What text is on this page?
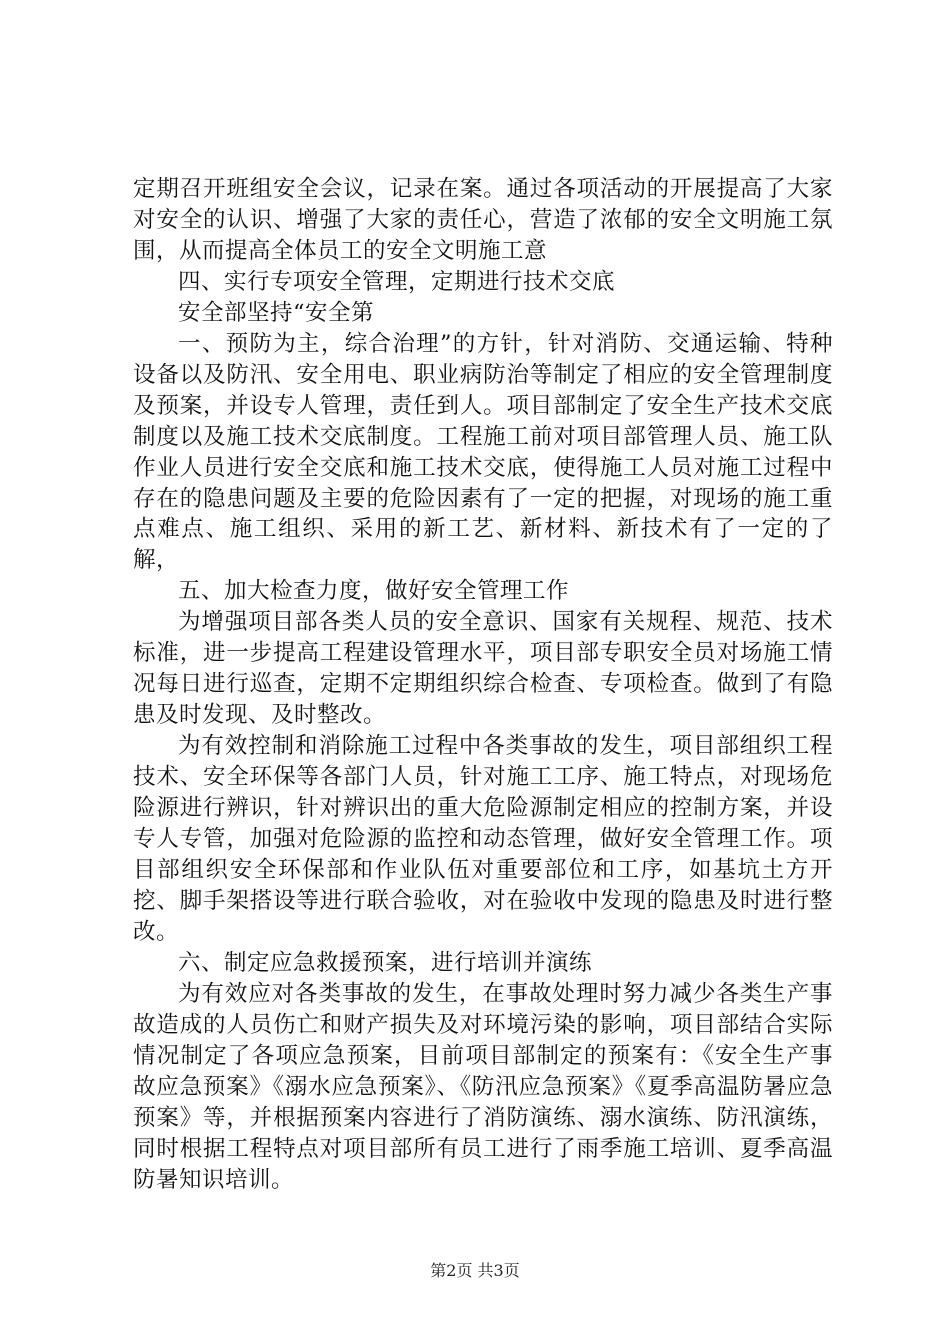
定期召开班组安全会议，记录在案。通过各项活动的开展提高了大家对安全的认识、增强了大家的责任心，营造了浓郁的安全文明施工氛围，从而提高全体员工的安全文明施工意

四、实行专项安全管理，定期进行技术交底

安全部坚持“安全第

一、预防为主，综合治理”的方针，针对消防、交通运输、特种设备以及防汛、安全用电、职业病防治等制定了相应的安全管理制度及预案，并设专人管理，责任到人。项目部制定了安全生产技术交底制度以及施工技术交底制度。工程施工前对项目部管理人员、施工队作业人员进行安全交底和施工技术交底，使得施工人员对施工过程中存在的隐患问题及主要的危险因素有了一定的把握，对现场的施工重点难点、施工组织、采用的新工艺、新材料、新技术有了一定的了解，

五、加大检查力度，做好安全管理工作

为增强项目部各类人员的安全意识、国家有关规程、规范、技术标准，进一步提高工程建设管理水平，项目部专职安全员对场施工情况每日进行巡查，定期不定期组织综合检查、专项检查。做到了有隐患及时发现、及时整改。

为有效控制和消除施工过程中各类事故的发生，项目部组织工程技术、安全环保等各部门人员，针对施工工序、施工特点，对现场危险源进行辨识，针对辨识出的重大危险源制定相应的控制方案，并设专人专管，加强对危险源的监控和动态管理，做好安全管理工作。项目部组织安全环保部和作业队伍对重要部位和工序，如基坑土方开挖、脚手架搭设等进行联合验收，对在验收中发现的隐患及时进行整改。

六、制定应急救援预案，进行培训并演练

为有效应对各类事故的发生，在事故处理时努力减少各类生产事故造成的人员伤亡和财产损失及对环境污染的影响，项目部结合实际情况制定了各项应急预案，目前项目部制定的预案有：《安全生产事故应急预案》《溺水应急预案》、《防汛应急预案》《夏季高温防暑应急预案》等，并根据预案内容进行了消防演练、溺水演练、防汛演练，同时根据工程特点对项目部所有员工进行了雨季施工培训、夏季高温防暑知识培训。

第2页 共3页
